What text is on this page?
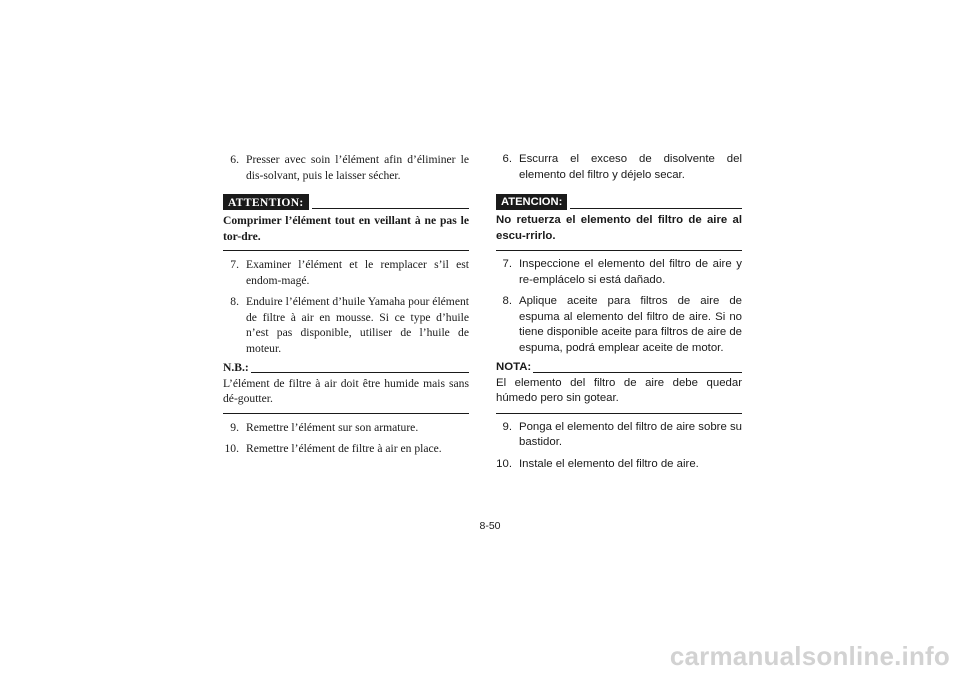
6. Presser avec soin l’élément afin d’éliminer le dis-solvant, puis le laisser sécher.
ATTENTION:
Comprimer l’élément tout en veillant à ne pas le tor-dre.
7. Examiner l’élément et le remplacer s’il est endom-magé.
8. Enduire l’élément d’huile Yamaha pour élément de filtre à air en mousse. Si ce type d’huile n’est pas disponible, utiliser de l’huile de moteur.
N.B.:
L’élément de filtre à air doit être humide mais sans dé-goutter.
9. Remettre l’élément sur son armature.
10. Remettre l’élément de filtre à air en place.
6. Escurra el exceso de disolvente del elemento del filtro y déjelo secar.
ATENCION:
No retuerza el elemento del filtro de aire al escu-rrirlo.
7. Inspeccione el elemento del filtro de aire y re-emplácelo si está dañado.
8. Aplique aceite para filtros de aire de espuma al elemento del filtro de aire. Si no tiene disponible aceite para filtros de aire de espuma, podrá emplear aceite de motor.
NOTA:
El elemento del filtro de aire debe quedar húmedo pero sin gotear.
9. Ponga el elemento del filtro de aire sobre su bastidor.
10. Instale el elemento del filtro de aire.
8-50
carmanualsonline.info
